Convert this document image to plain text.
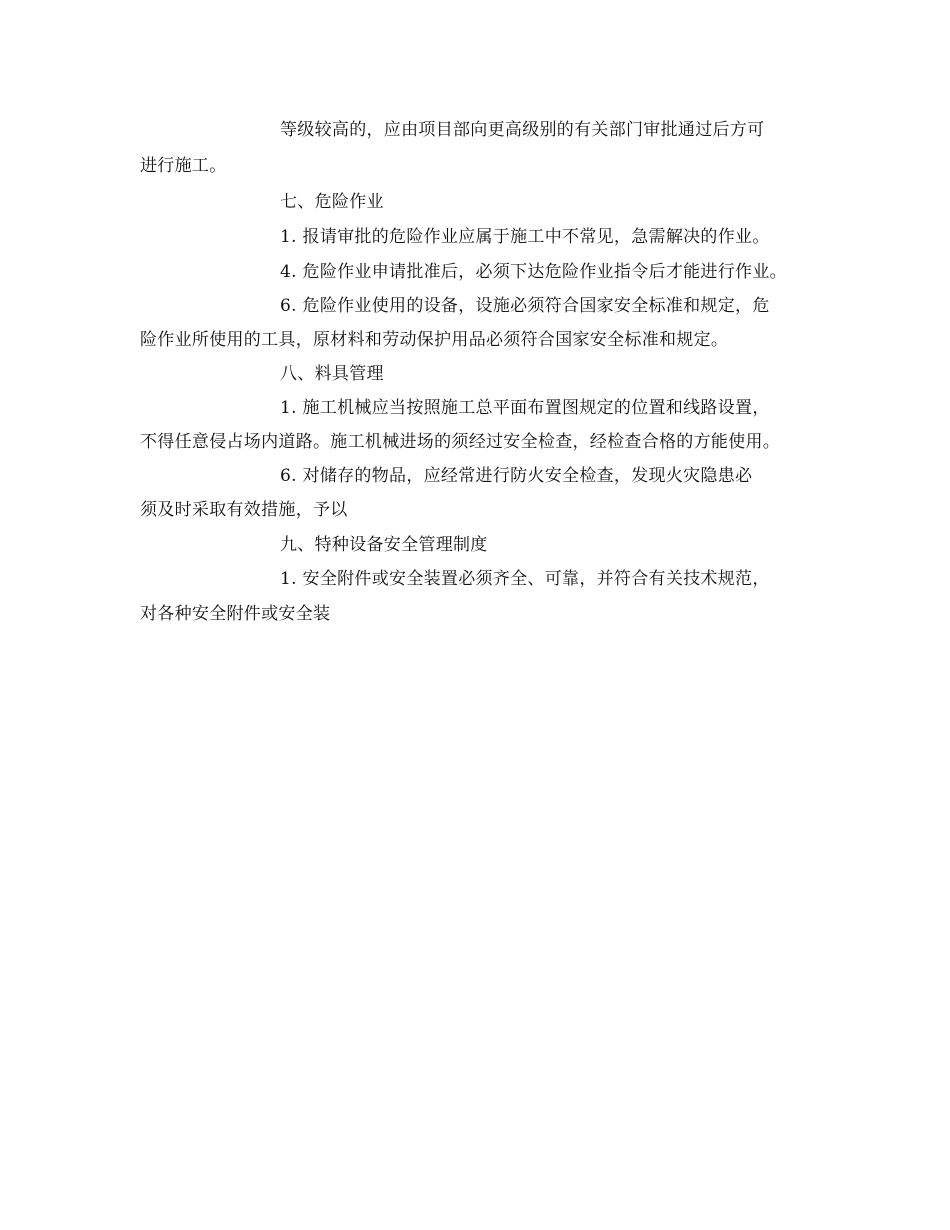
等级较高的，应由项目部向更高级别的有关部门审批通过后方可
进行施工。
七、危险作业
1. 报请审批的危险作业应属于施工中不常见，急需解决的作业。
4. 危险作业申请批准后，必须下达危险作业指令后才能进行作业。
6. 危险作业使用的设备，设施必须符合国家安全标准和规定，危
险作业所使用的工具，原材料和劳动保护用品必须符合国家安全标准和规定。
八、料具管理
1. 施工机械应当按照施工总平面布置图规定的位置和线路设置，
不得任意侵占场内道路。施工机械进场的须经过安全检查，经检查合格的方能使用。
6. 对储存的物品，应经常进行防火安全检查，发现火灾隐患必
须及时采取有效措施，予以
九、特种设备安全管理制度
1. 安全附件或安全装置必须齐全、可靠，并符合有关技术规范，
对各种安全附件或安全装
